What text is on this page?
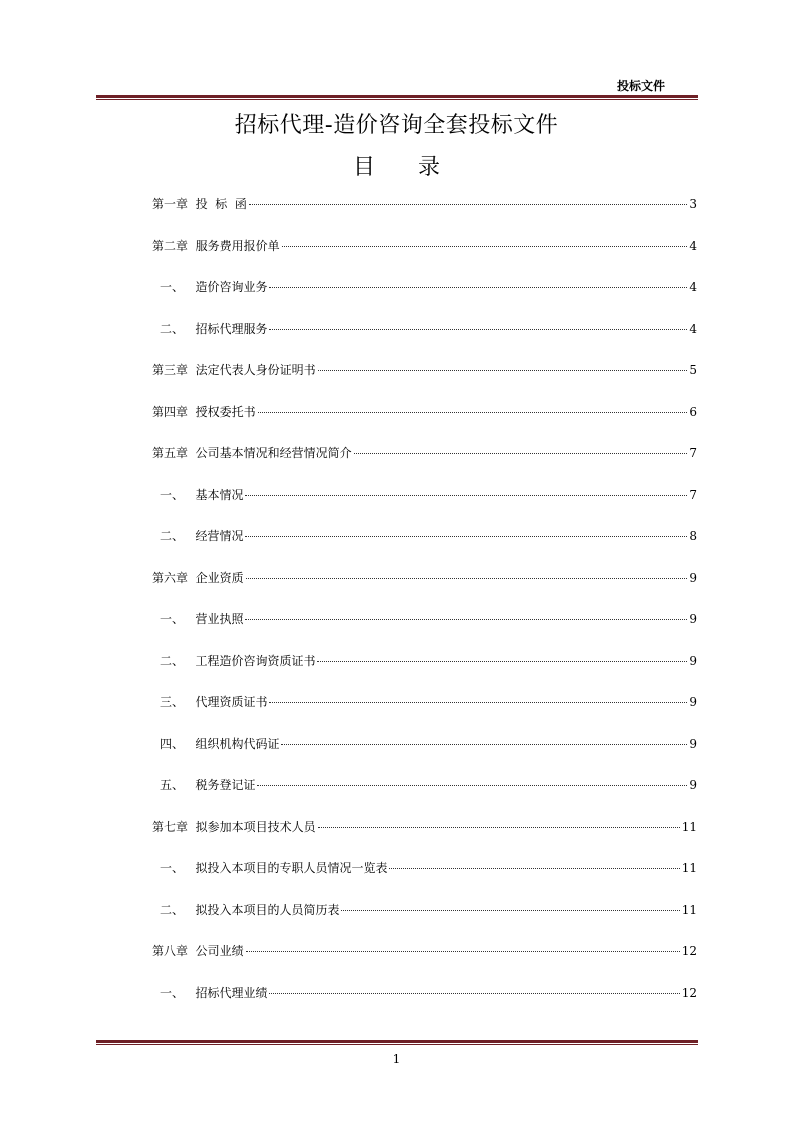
投标文件
招标代理-造价咨询全套投标文件
目 录
第一章  投  标  函	3
第二章  服务费用报价单	4
一、   造价咨询业务	4
二、   招标代理服务	4
第三章  法定代表人身份证明书	5
第四章  授权委托书	6
第五章  公司基本情况和经营情况简介	7
一、   基本情况	7
二、   经营情况	8
第六章  企业资质	9
一、   营业执照	9
二、   工程造价咨询资质证书	9
三、   代理资质证书	9
四、   组织机构代码证	9
五、   税务登记证	9
第七章  拟参加本项目技术人员	11
一、   拟投入本项目的专职人员情况一览表	11
二、   拟投入本项目的人员简历表	11
第八章  公司业绩	12
一、   招标代理业绩	12
1
